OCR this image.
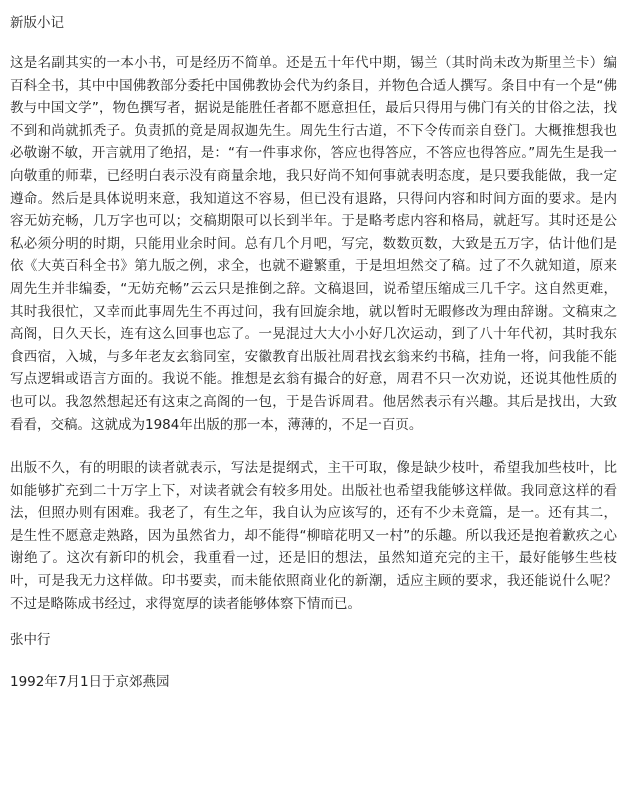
新版小记

这是名副其实的一本小书，可是经历不简单。还是五十年代中期，锡兰（其时尚未改为斯里兰卡）编百科全书，其中中国佛教部分委托中国佛教协会代为约条目，并物色合适人撰写。条目中有一个是“佛教与中国文学”，物色撰写者，据说是能胜任者都不愿意担任，最后只得用与佛门有关的甘俗之法，找不到和尚就抓秃子。负责抓的竟是周叔迦先生。周先生行古道，不下令传而亲自登门。大概推想我也必敬谢不敏，开言就用了绝招，是：“有一件事求你，答应也得答应，不答应也得答应。”周先生是我一向敬重的师辈，已经明白表示没有商量余地，我只好尚不知何事就表明态度，是只要我能做，我一定遵命。然后是具体说明来意，我知道这不容易，但已没有退路，只得问内容和时间方面的要求。是内容无妨充畅，几万字也可以；交稿期限可以长到半年。于是略考虑内容和格局，就赶写。其时还是公私必须分明的时期，只能用业余时间。总有几个月吧，写完，数数页数，大致是五万字，估计他们是依《大英百科全书》第九版之例，求全，也就不避繁重，于是坦坦然交了稿。过了不久就知道，原来周先生并非编委，“无妨充畅”云云只是推倒之辞。文稿退回，说希望压缩成三几千字。这自然更难，其时我很忙，又幸而此事周先生不再过问，我有回旋余地，就以暂时无暇修改为理由辞谢。文稿束之高阁，日久天长，连有这么回事也忘了。一晃混过大大小小好几次运动，到了八十年代初，其时我东食西宿，入城，与多年老友玄翁同室，安徽教育出版社周君找玄翁来约书稿，挂角一将，问我能不能写点逻辑或语言方面的。我说不能。推想是玄翁有撮合的好意，周君不只一次劝说，还说其他性质的也可以。我忽然想起还有这束之高阁的一包，于是告诉周君。他居然表示有兴趣。其后是找出，大致看看，交稿。这就成为1984年出版的那一本，薄薄的，不足一百页。

出版不久，有的明眼的读者就表示，写法是提纲式，主干可取，像是缺少枝叶，希望我加些枝叶，比如能够扩充到二十万字上下，对读者就会有较多用处。出版社也希望我能够这样做。我同意这样的看法，但照办则有困难。我老了，有生之年，我自认为应该写的，还有不少未竟篇，是一。还有其二，是生性不愿意走熟路，因为虽然省力，却不能得“柳暗花明又一村”的乐趣。所以我还是抱着歉疚之心谢绝了。这次有新印的机会，我重看一过，还是旧的想法，虽然知道充完的主干，最好能够生些枝叶，可是我无力这样做。印书要卖，而未能依照商业化的新潮，适应主顾的要求，我还能说什么呢？不过是略陈成书经过，求得宽厚的读者能够体察下情而已。

张中行

1992年7月1日于京郊燕园
